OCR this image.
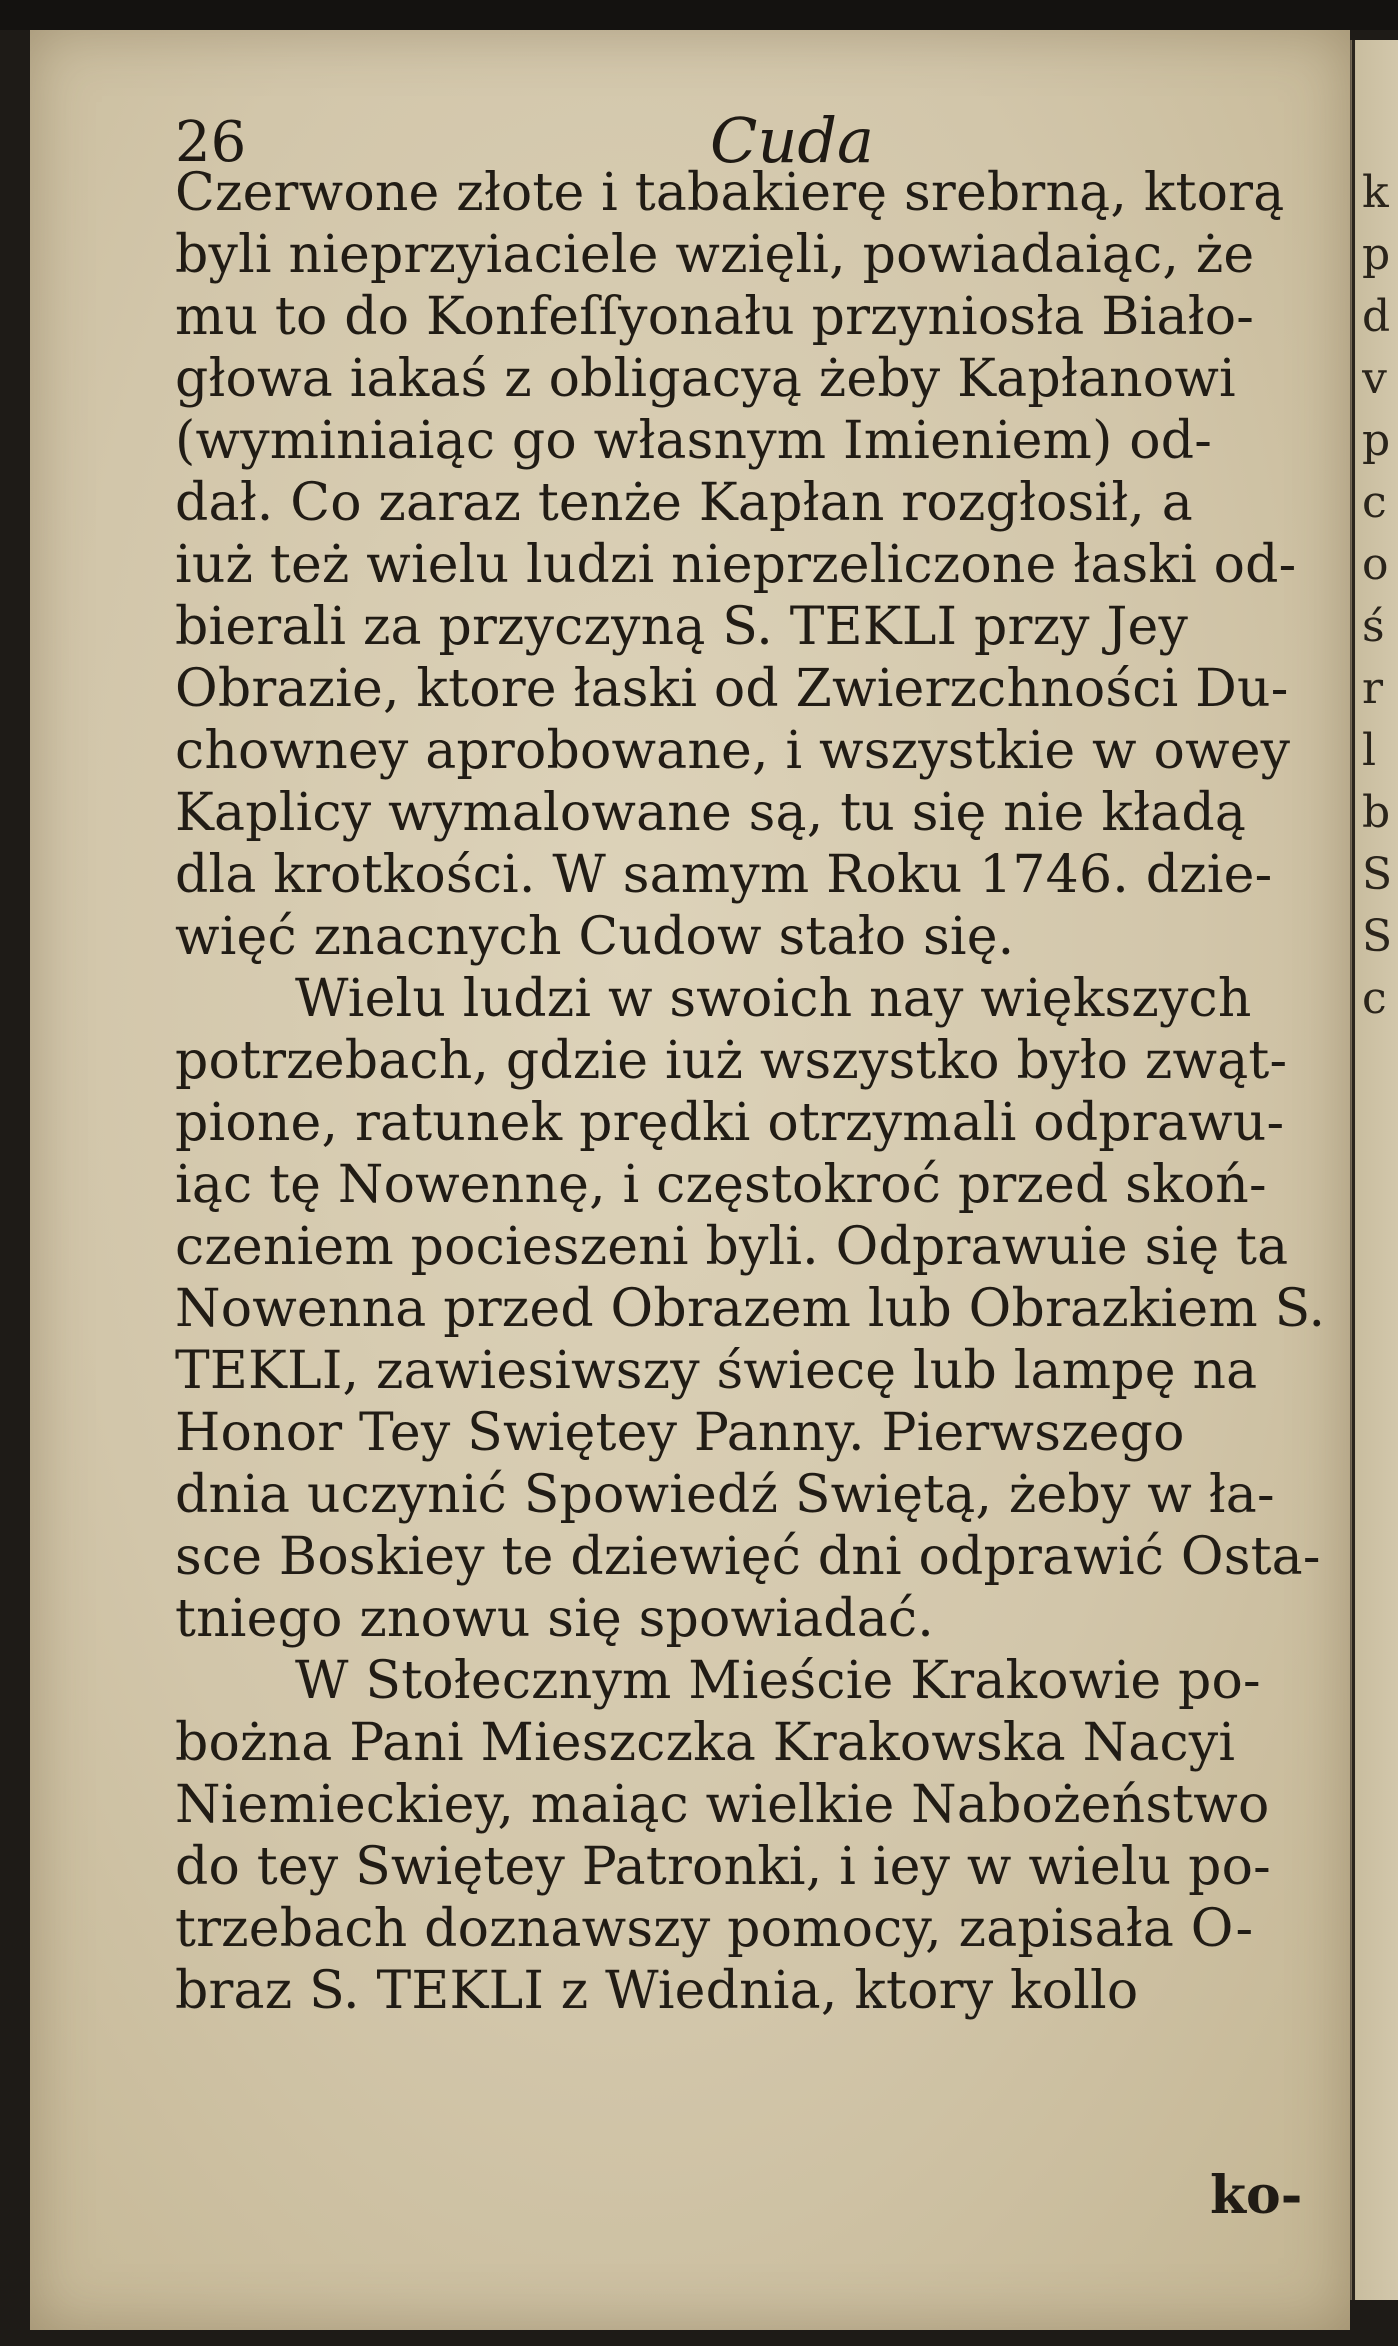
26	Cuda
Czerwone złote i tabakierę srebrną, ktorą
byli nieprzyiaciele wzięli, powiadaiąc, że
mu to do Konfeſſyonału przyniosła Biało-
głowa iakaś z obligacyą żeby Kapłanowi
(wyminiaiąc go własnym Imieniem) od-
dał. Co zaraz tenże Kapłan rozgłosił, a
iuż też wielu ludzi nieprzeliczone łaski od-
bierali za przyczyną S. TEKLI przy Jey
Obrazie, ktore łaski od Zwierzchności Du-
chowney aprobowane, i wszystkie w owey
Kaplicy wymalowane są, tu się nie kładą
dla krotkości. W samym Roku 1746. dzie-
więć znacnych Cudow stało się.
Wielu ludzi w swoich nay większych
potrzebach, gdzie iuż wszystko było zwąt-
pione, ratunek prędki otrzymali odprawu-
iąc tę Nowennę, i częstokroć przed skoń-
czeniem pocieszeni byli. Odprawuie się ta
Nowenna przed Obrazem lub Obrazkiem S.
TEKLI, zawiesiwszy świecę lub lampę na
Honor Tey Swiętey Panny. Pierwszego
dnia uczynić Spowiedź Swiętą, żeby w ła-
sce Boskiey te dziewięć dni odprawić Osta-
tniego znowu się spowiadać.
W Stołecznym Mieście Krakowie po-
bożna Pani Mieszczka Krakowska Nacyi
Niemieckiey, maiąc wielkie Nabożeństwo
do tey Swiętey Patronki, i iey w wielu po-
trzebach doznawszy pomocy, zapisała O-
braz S. TEKLI z Wiednia, ktory kollo
k
p
d
v
p
c
o
ś
r
l
b
S
S
c
ko-
